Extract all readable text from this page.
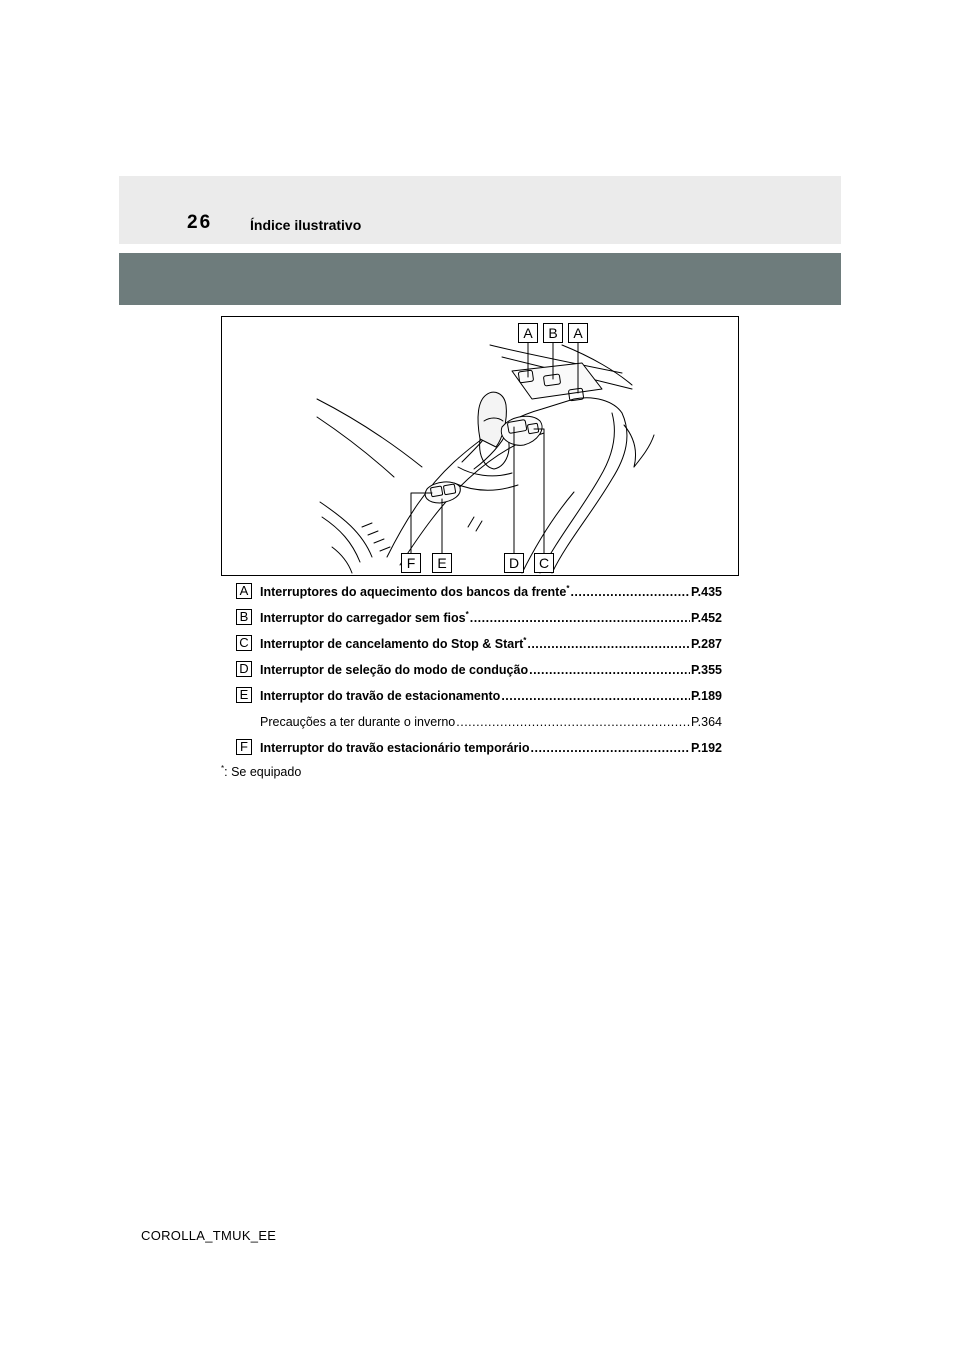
26	Índice ilustrativo
A	B	A
F	E	D	C
A Interruptores do aquecimento dos bancos da frente* .....	P.435
B Interruptor do carregador sem fios* .....	P.452
C Interruptor de cancelamento do Stop & Start* .....	P.287
D Interruptor de seleção do modo de condução .....	P.355
E Interruptor do travão de estacionamento .....	P.189
Precauções a ter durante o inverno .....	P.364
F Interruptor do travão estacionário temporário .....	P.192
*: Se equipado
COROLLA_TMUK_EE
